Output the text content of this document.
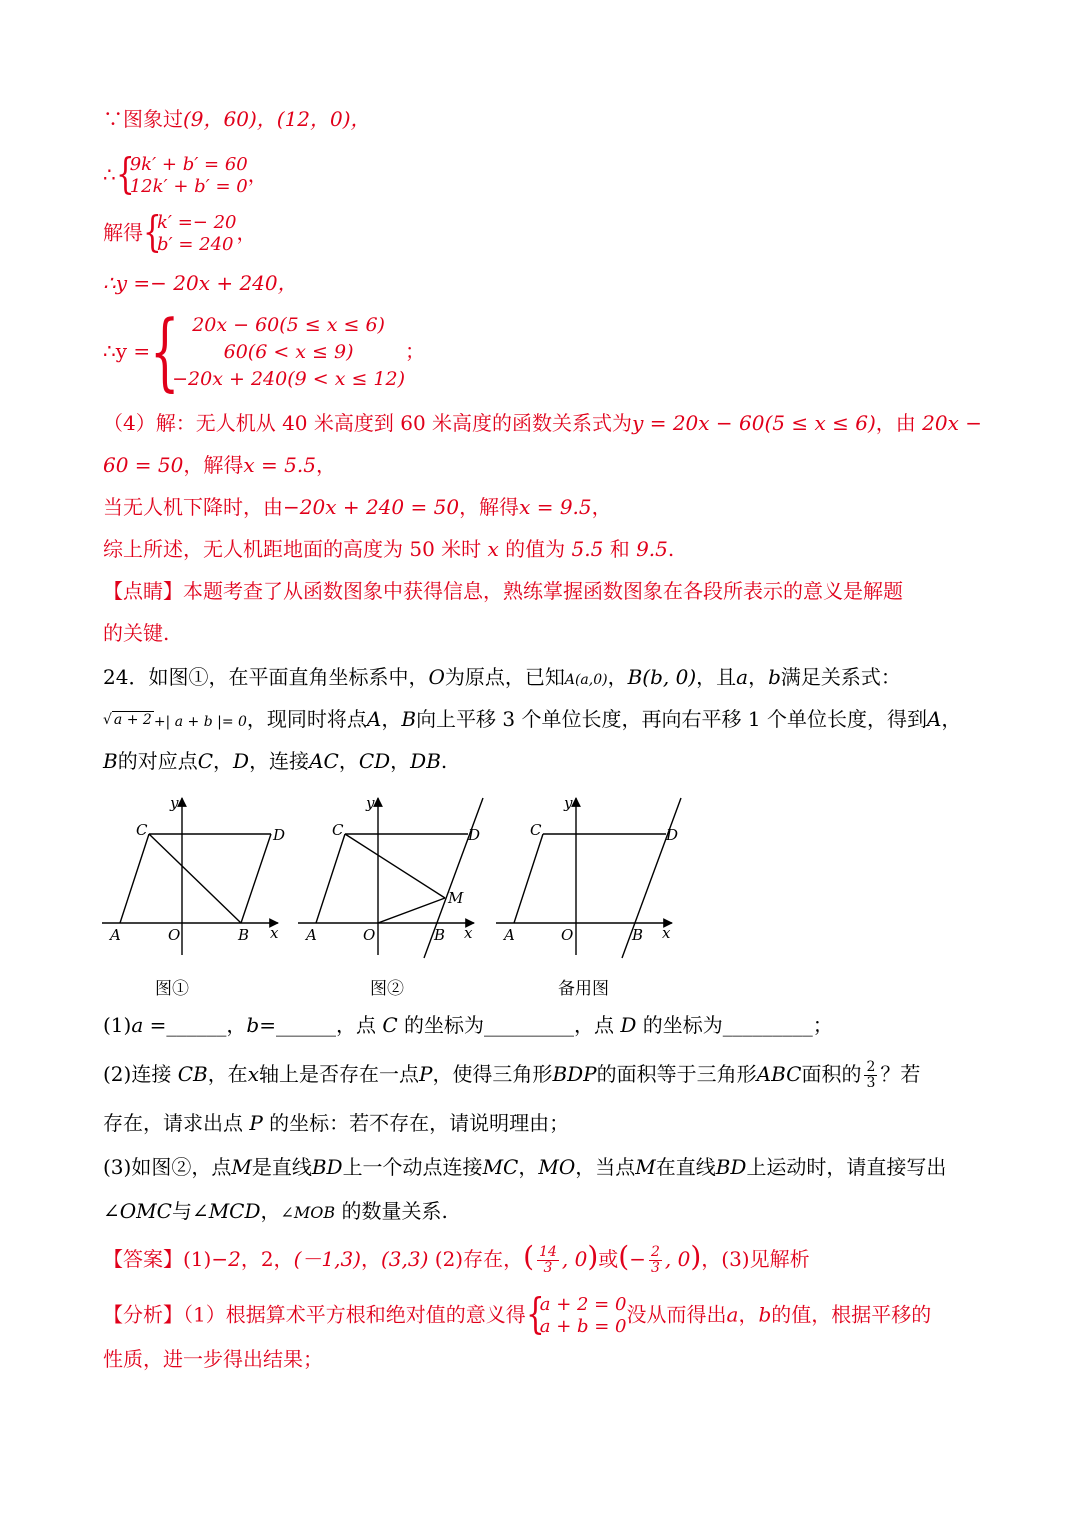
∵图象过(9，60)，(12，0)，
∴ {
9k′ + b′ = 60
12k′ + b′ = 0 ，
解得 {
k′ =− 20
b′ = 240 ，
∴y =− 20x + 240，
∴y = { 20x − 60(5 ≤ x ≤ 6)
60(6 < x ≤ 9)
−20x + 240(9 < x ≤ 12)
；
（4）解：无人机从 40 米高度到 60 米高度的函数关系式为y = 20x − 60(5 ≤ x ≤ 6)，由 20x −
60 = 50，解得x = 5.5，
当无人机下降时，由−20x + 240 = 50，解得x = 9.5，
综上所述，无人机距地面的高度为 50 米时 x 的值为 5.5 和 9.5.
【点睛】本题考查了从函数图象中获得信息，熟练掌握函数图象在各段所表示的意义是解题
的关键.
24．如图①，在平面直角坐标系中，O为原点，已知A(a,0)，B(b, 0)，且a，b满足关系式：
√ a + 2 +| a + b |= 0，现同时将点A，B向上平移 3 个单位长度，再向右平移 1 个单位长度，得到A，
B的对应点C，D，连接AC，CD，DB.
y
x
A	O	B
C	D
y
x
A	O	B
C	D
M
y
x
A	O	B
C	D
图①	图②	备用图
(1)a =______，b=______，点 C 的坐标为_________，点 D 的坐标为_________；
(2)连接 CB，在x轴上是否存在一点P，使得三角形BDP的面积等于三角形ABC面积的 $\frac{2}{3}$ ？若
存在，请求出点 P 的坐标：若不存在，请说明理由；
(3)如图②，点M是直线BD上一个动点连接MC，MO，当点M在直线BD上运动时，请直接写出
∠OMC与∠MCD，∠MOB 的数量关系.
【答案】(1)−2，2，(－1,3)，(3,3) (2)存在，( $\frac{14}{3}$ , 0)或(− $\frac{2}{3}$ , 0)，(3)见解析
【分析】（1）根据算术平方根和绝对值的意义得 {
a + 2 = 0
a + b = 0 没从而得出a，b的值，根据平移的
性质，进一步得出结果；
